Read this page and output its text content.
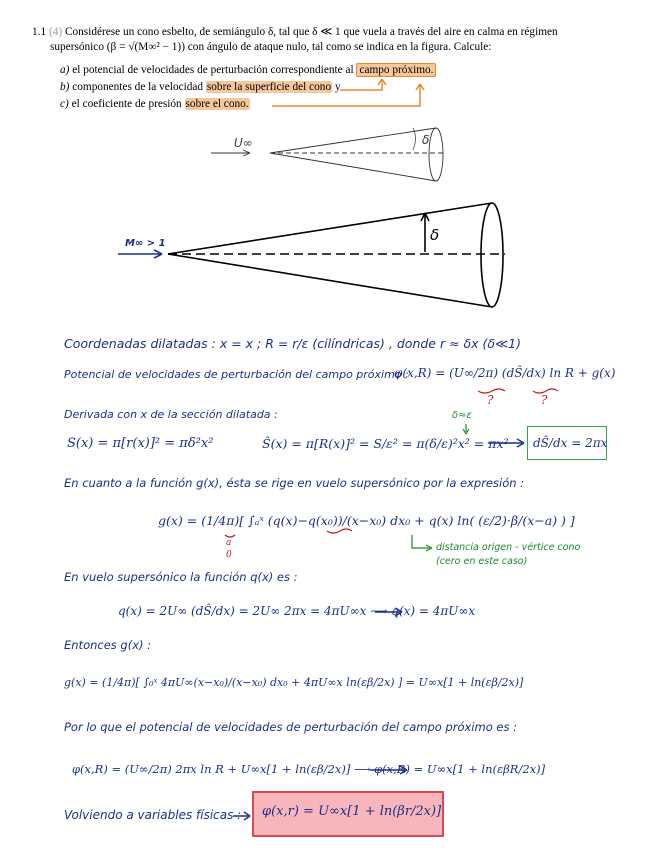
1.1 (4) Considérese un cono esbelto, de semiángulo δ, tal que δ ≪ 1 que vuela a través del aire en calma en régimen
supersónico (β = √(M∞² − 1)) con ángulo de ataque nulo, tal como se indica en la figura. Calcule:
a) el potencial de velocidades de perturbación correspondiente al campo próximo.
b) componentes de la velocidad sobre la superficie del cono y
c) el coeficiente de presión sobre el cono.
U∞	δ
M∞ > 1	δ
Coordenadas dilatadas : x = x ; R = r/ε (cilíndricas) , donde r ≈ δx (δ≪1)
Potencial de velocidades de perturbación del campo próximo :
φ(x,R) = (U∞/2π) (dŜ/dx) ln R + g(x)
?	?
Derivada con x de la sección dilatada :	δ≈ε
S(x) = π[r(x)]² = πδ²x²	Ŝ(x) = π[R(x)]² = S/ε² = π(δ/ε)²x² = πx² dŜ/dx = 2πx
En cuanto a la función g(x), ésta se rige en vuelo supersónico por la expresión :
g(x) = (1/4π)[ ∫ₐˣ (q(x)−q(x₀))/(x−x₀) dx₀ + q(x) ln( (ε/2)·β/(x−a) ) ]
a
0
distancia origen - vértice cono
(cero en este caso)
En vuelo supersónico la función q(x) es :
q(x) = 2U∞ (dŜ/dx) = 2U∞ 2πx = 4πU∞x ⟶ q(x) = 4πU∞x
Entonces g(x) :
g(x) = (1/4π)[ ∫₀ˣ 4πU∞(x−x₀)/(x−x₀) dx₀ + 4πU∞x ln(εβ/2x) ] = U∞x[1 + ln(εβ/2x)]
Por lo que el potencial de velocidades de perturbación del campo próximo es :
φ(x,R) = (U∞/2π) 2πx ln R + U∞x[1 + ln(εβ/2x)] ⟶ φ(x,R) = U∞x[1 + ln(εβR/2x)]
Volviendo a variables físicas : φ(x,r) = U∞x[1 + ln(βr/2x)]
